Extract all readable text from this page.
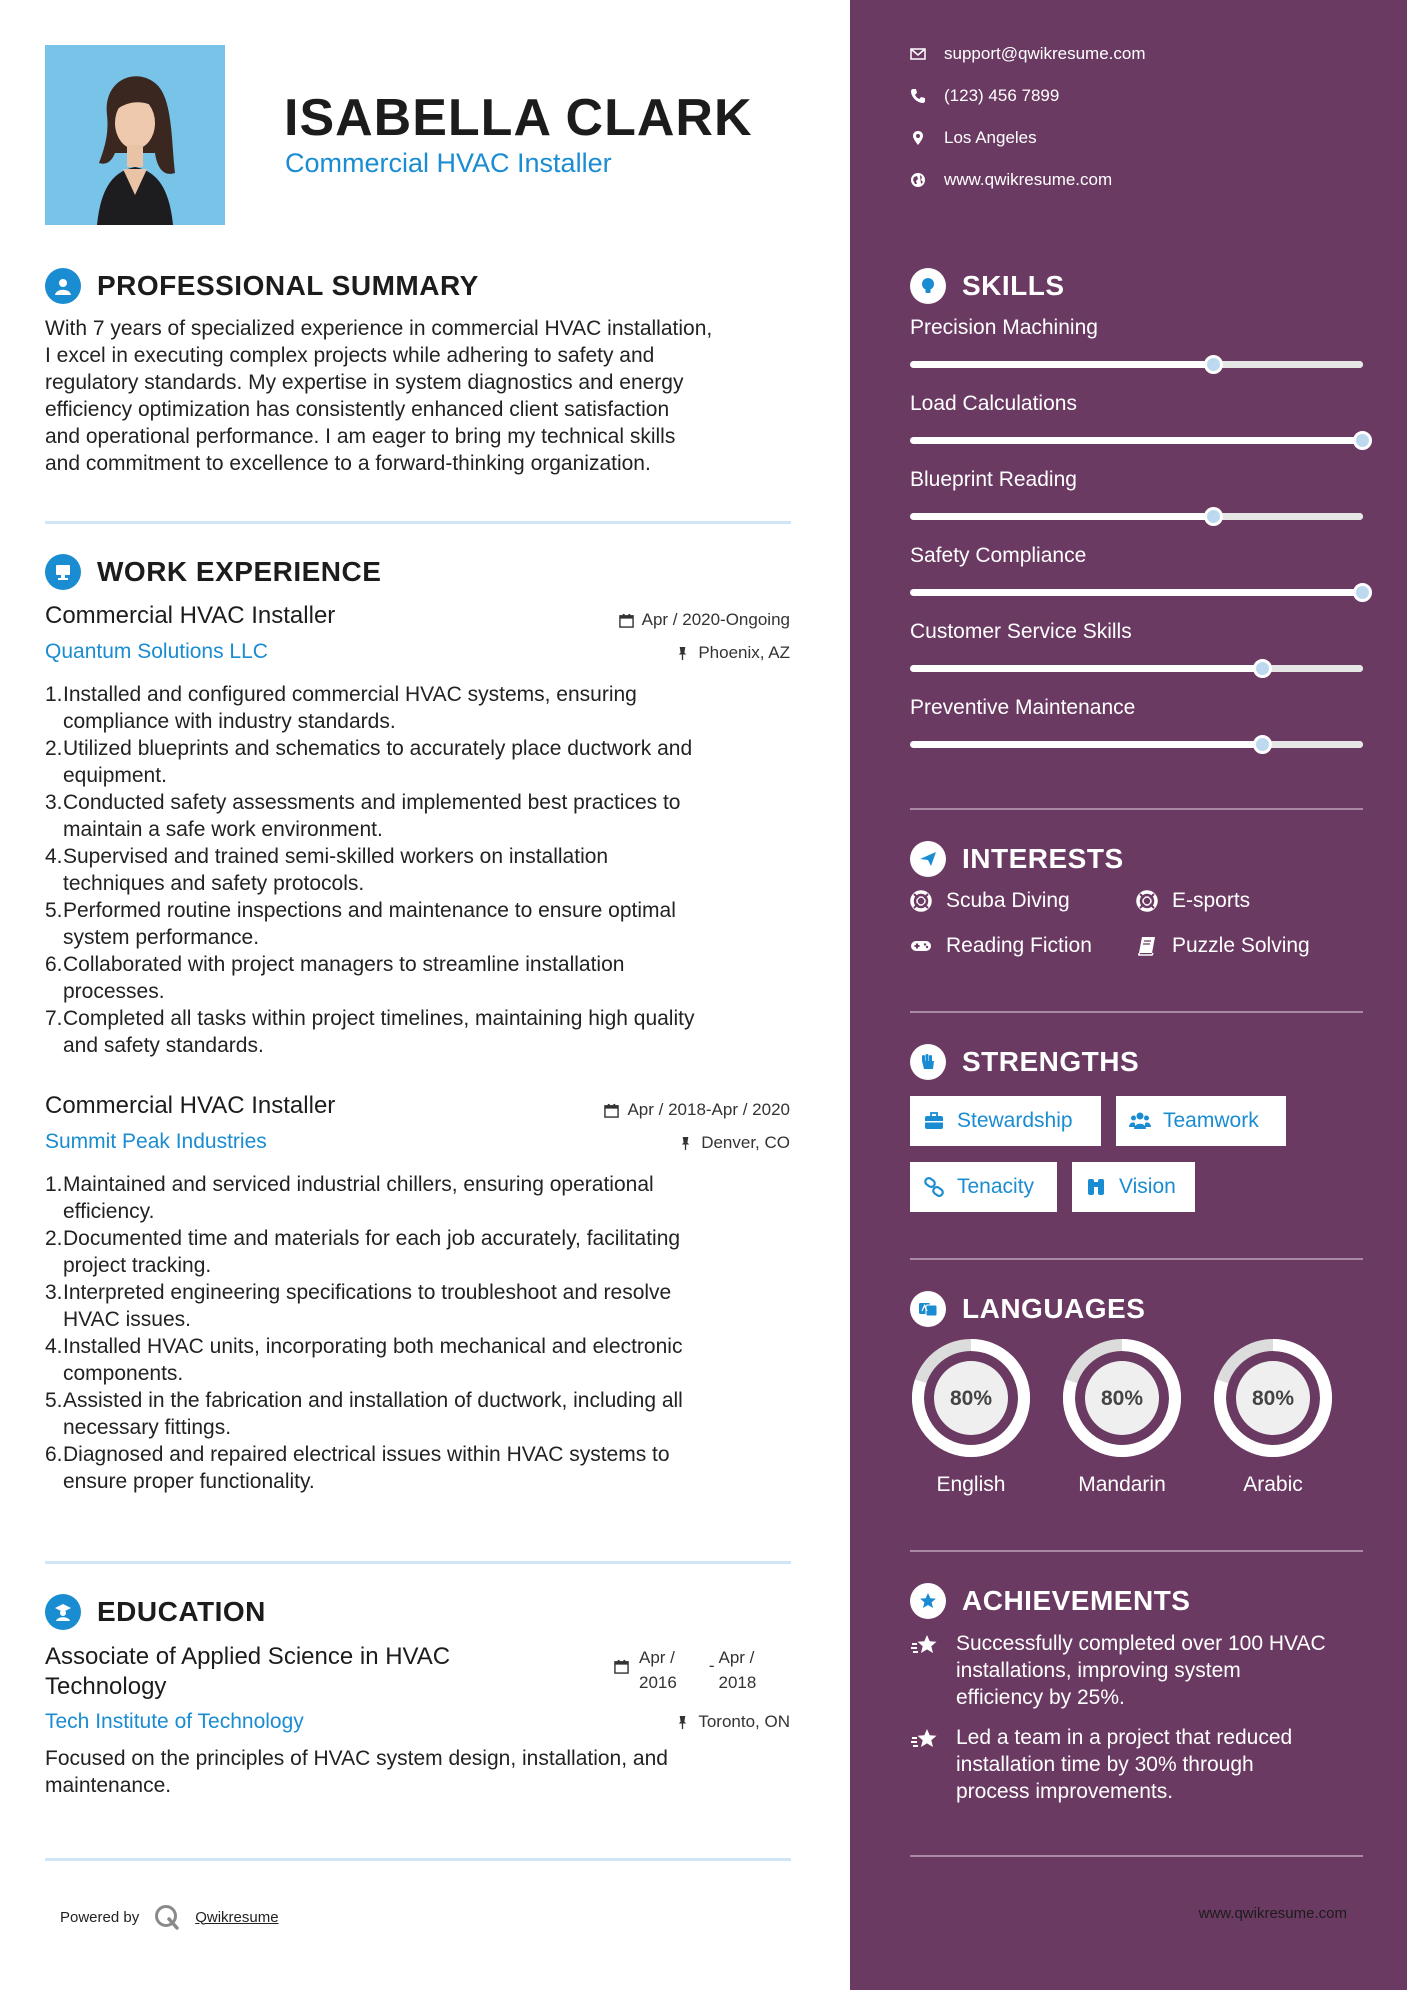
ISABELLA CLARK
Commercial HVAC Installer
PROFESSIONAL SUMMARY
With 7 years of specialized experience in commercial HVAC installation,
I excel in executing complex projects while adhering to safety and
regulatory standards. My expertise in system diagnostics and energy
efficiency optimization has consistently enhanced client satisfaction
and operational performance. I am eager to bring my technical skills
and commitment to excellence to a forward-thinking organization.
WORK EXPERIENCE
Commercial HVAC Installer	Apr / 2020-Ongoing
Quantum Solutions LLC	Phoenix, AZ
1. Installed and configured commercial HVAC systems, ensuring
compliance with industry standards.
2. Utilized blueprints and schematics to accurately place ductwork and
equipment.
3. Conducted safety assessments and implemented best practices to
maintain a safe work environment.
4. Supervised and trained semi-skilled workers on installation
techniques and safety protocols.
5. Performed routine inspections and maintenance to ensure optimal
system performance.
6. Collaborated with project managers to streamline installation
processes.
7. Completed all tasks within project timelines, maintaining high quality
and safety standards.
Commercial HVAC Installer	Apr / 2018-Apr / 2020
Summit Peak Industries	Denver, CO
1. Maintained and serviced industrial chillers, ensuring operational
efficiency.
2. Documented time and materials for each job accurately, facilitating
project tracking.
3. Interpreted engineering specifications to troubleshoot and resolve
HVAC issues.
4. Installed HVAC units, incorporating both mechanical and electronic
components.
5. Assisted in the fabrication and installation of ductwork, including all
necessary fittings.
6. Diagnosed and repaired electrical issues within HVAC systems to
ensure proper functionality.
EDUCATION
Associate of Applied Science in HVAC
Technology
Apr /
2016
- Apr /
2018
Tech Institute of Technology	Toronto, ON
Focused on the principles of HVAC system design, installation, and
maintenance.
Powered by	Qwikresume
support@qwikresume.com
(123) 456 7899
Los Angeles
www.qwikresume.com
SKILLS
Precision Machining
Load Calculations
Blueprint Reading
Safety Compliance
Customer Service Skills
Preventive Maintenance
INTERESTS
Scuba Diving	E-sports
Reading Fiction	Puzzle Solving
STRENGTHS
Stewardship	Teamwork
Tenacity	Vision
LANGUAGES
80%
English
80%
Mandarin
80%
Arabic
ACHIEVEMENTS
Successfully completed over 100 HVAC
installations, improving system
efficiency by 25%.
Led a team in a project that reduced
installation time by 30% through
process improvements.
www.qwikresume.com
